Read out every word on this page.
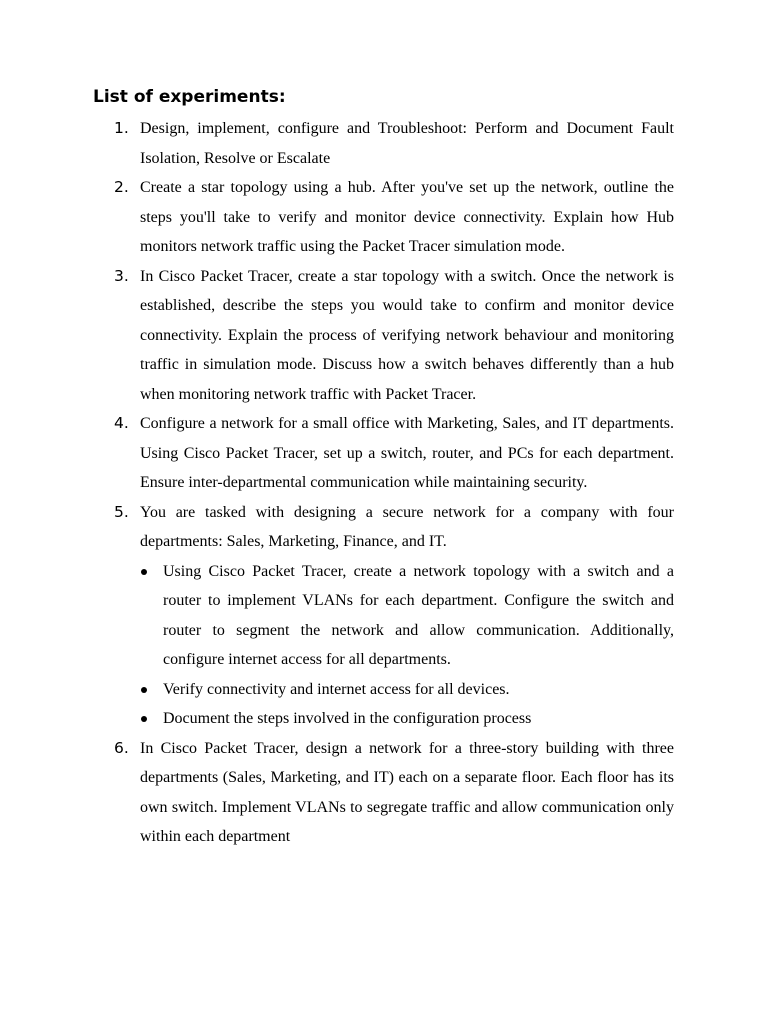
List of experiments:
1. Design, implement, configure and Troubleshoot: Perform and Document Fault Isolation, Resolve or Escalate
2. Create a star topology using a hub. After you've set up the network, outline the steps you'll take to verify and monitor device connectivity. Explain how Hub monitors network traffic using the Packet Tracer simulation mode.
3. In Cisco Packet Tracer, create a star topology with a switch. Once the network is established, describe the steps you would take to confirm and monitor device connectivity. Explain the process of verifying network behaviour and monitoring traffic in simulation mode. Discuss how a switch behaves differently than a hub when monitoring network traffic with Packet Tracer.
4. Configure a network for a small office with Marketing, Sales, and IT departments. Using Cisco Packet Tracer, set up a switch, router, and PCs for each department. Ensure inter-departmental communication while maintaining security.
5. You are tasked with designing a secure network for a company with four departments: Sales, Marketing, Finance, and IT.
Using Cisco Packet Tracer, create a network topology with a switch and a router to implement VLANs for each department. Configure the switch and router to segment the network and allow communication. Additionally, configure internet access for all departments.
Verify connectivity and internet access for all devices.
Document the steps involved in the configuration process
6. In Cisco Packet Tracer, design a network for a three-story building with three departments (Sales, Marketing, and IT) each on a separate floor. Each floor has its own switch. Implement VLANs to segregate traffic and allow communication only within each department
